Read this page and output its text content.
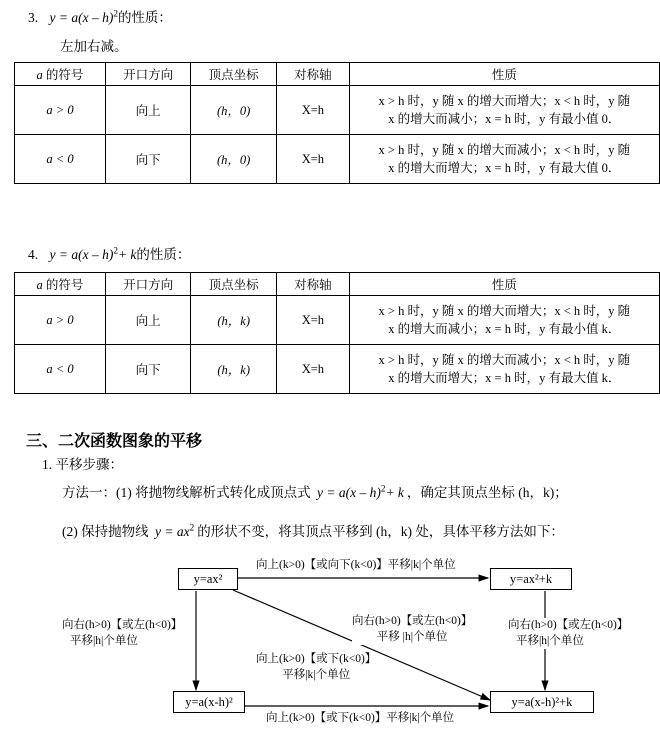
3. y = a(x – h)$^2$的性质：
左加右减。
a 的符号	开口方向	顶点坐标	对称轴	性质
a > 0	向上	(h，0)	X=h	x > h 时，y 随 x 的增大而增大；x < h 时，y 随
x 的增大而减小；x = h 时，y 有最小值 0．

a < 0	向下	(h，0)	X=h	x > h 时，y 随 x 的增大而减小；x < h 时，y 随
x 的增大而增大；x = h 时，y 有最大值 0．
4. y = a(x – h)$^2$+ k的性质：
a 的符号	开口方向	顶点坐标	对称轴	性质
a > 0	向上	(h，k)	X=h	x > h 时，y 随 x 的增大而增大；x < h 时，y 随
x 的增大而减小；x = h 时，y 有最小值 k．

a < 0	向下	(h，k)	X=h	x > h 时，y 随 x 的增大而减小；x < h 时，y 随
x 的增大而增大；x = h 时，y 有最大值 k．
三、二次函数图象的平移
1. 平移步骤：
方法一：(1) 将抛物线解析式转化成顶点式 y = a(x – h)$^2$+ k ，确定其顶点坐标 (h，k)；
(2) 保持抛物线 $y = ax^2$ 的形状不变，将其顶点平移到 (h，k) 处，具体平移方法如下：
y=ax²	y=ax²+k
y=a(x-h)²	y=a(x-h)²+k
向上(k>0)【或向下(k<0)】平移|k|个单位
向右(h>0)【或左(h<0)】
平移|h|个单位
向右(h>0)【或左(h<0)】
平移|h|个单位
向右(h>0)【或左(h<0)】
平移 |h|个单位
向上(k>0)【或下(k<0)】
平移|k|个单位
向上(k>0)【或下(k<0)】平移|k|个单位
